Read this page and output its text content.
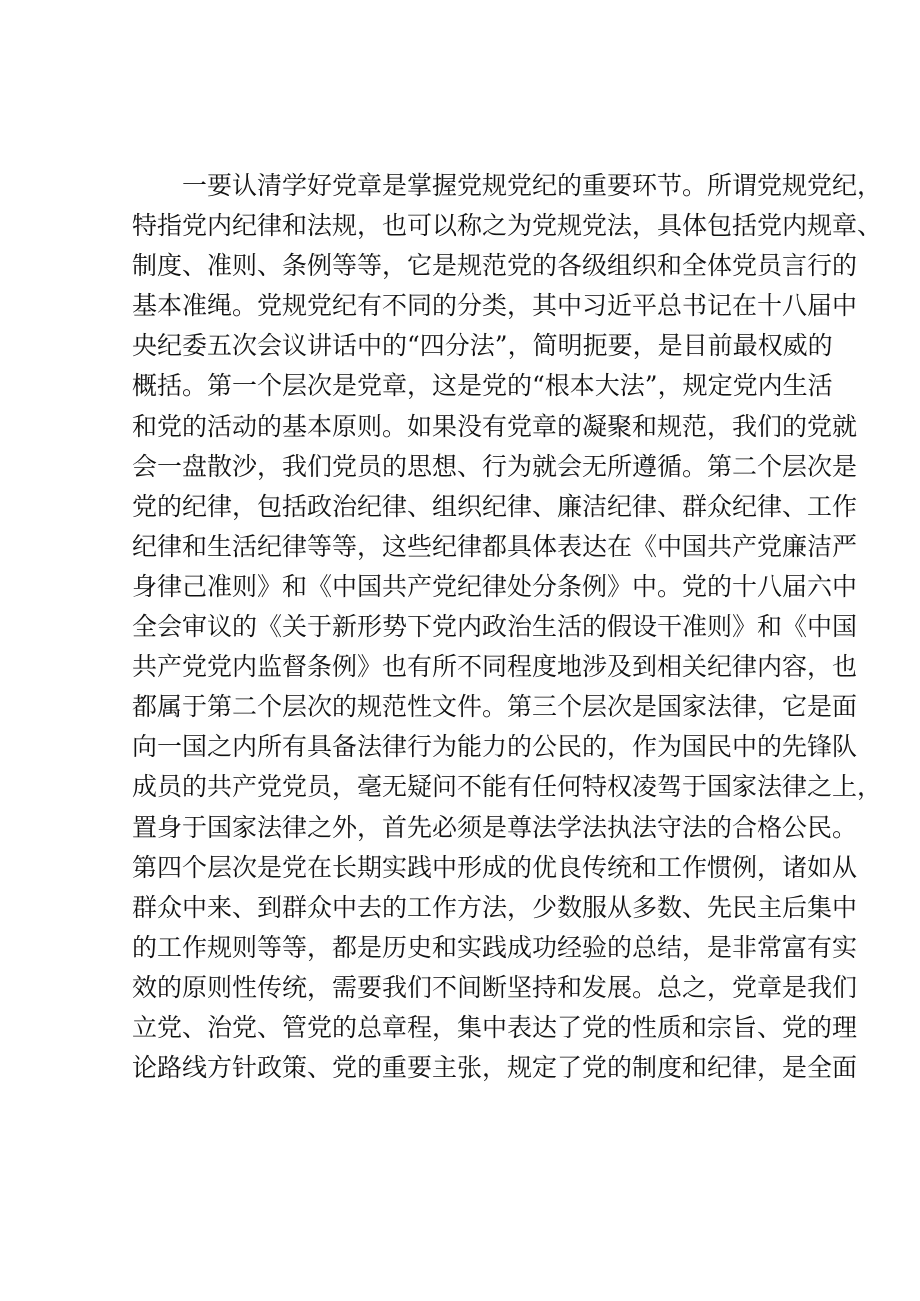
一要认清学好党章是掌握党规党纪的重要环节。所谓党规党纪，
特指党内纪律和法规，也可以称之为党规党法，具体包括党内规章、
制度、准则、条例等等，它是规范党的各级组织和全体党员言行的
基本准绳。党规党纪有不同的分类，其中习近平总书记在十八届中
央纪委五次会议讲话中的“四分法”，简明扼要，是目前最权威的
概括。第一个层次是党章，这是党的“根本大法”，规定党内生活
和党的活动的基本原则。如果没有党章的凝聚和规范，我们的党就
会一盘散沙，我们党员的思想、行为就会无所遵循。第二个层次是
党的纪律，包括政治纪律、组织纪律、廉洁纪律、群众纪律、工作
纪律和生活纪律等等，这些纪律都具体表达在《中国共产党廉洁严
身律己准则》和《中国共产党纪律处分条例》中。党的十八届六中
全会审议的《关于新形势下党内政治生活的假设干准则》和《中国
共产党党内监督条例》也有所不同程度地涉及到相关纪律内容，也
都属于第二个层次的规范性文件。第三个层次是国家法律，它是面
向一国之内所有具备法律行为能力的公民的，作为国民中的先锋队
成员的共产党党员，毫无疑问不能有任何特权凌驾于国家法律之上，
置身于国家法律之外，首先必须是尊法学法执法守法的合格公民。
第四个层次是党在长期实践中形成的优良传统和工作惯例，诸如从
群众中来、到群众中去的工作方法，少数服从多数、先民主后集中
的工作规则等等，都是历史和实践成功经验的总结，是非常富有实
效的原则性传统，需要我们不间断坚持和发展。总之，党章是我们
立党、治党、管党的总章程，集中表达了党的性质和宗旨、党的理
论路线方针政策、党的重要主张，规定了党的制度和纪律，是全面
